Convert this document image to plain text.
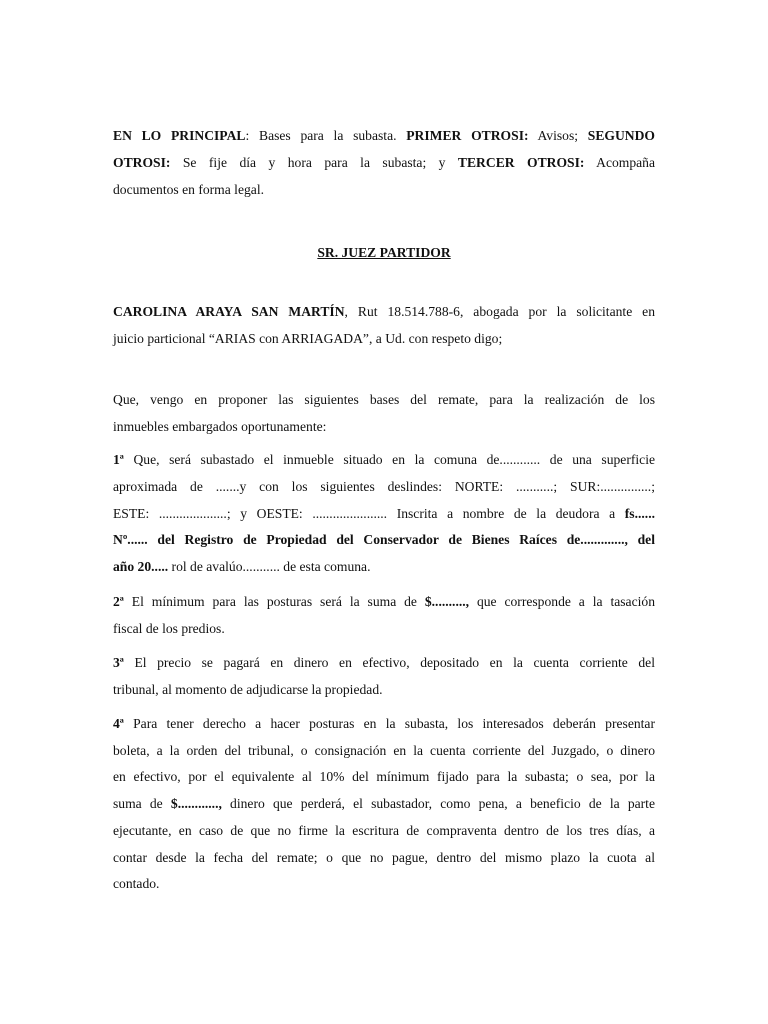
EN LO PRINCIPAL: Bases para la subasta. PRIMER OTROSI: Avisos; SEGUNDO
OTROSI: Se fije día y hora para la subasta; y TERCER OTROSI: Acompaña
documentos en forma legal.
SR. JUEZ PARTIDOR
CAROLINA ARAYA SAN MARTÍN, Rut 18.514.788-6, abogada por la solicitante en
juicio particional “ARIAS con ARRIAGADA”, a Ud. con respeto digo;
Que, vengo en proponer las siguientes bases del remate, para la realización de los
inmuebles embargados oportunamente:
1ª Que, será subastado el inmueble situado en la comuna de............ de una superficie
aproximada de .......y con los siguientes deslindes: NORTE: ...........; SUR:...............;
ESTE: ....................; y OESTE: ...................... Inscrita a nombre de la deudora a fs......
Nº...... del Registro de Propiedad del Conservador de Bienes Raíces de............., del
año 20..... rol de avalúo........... de esta comuna.
2ª El mínimum para las posturas será la suma de $.........., que corresponde a la tasación
fiscal de los predios.
3ª El precio se pagará en dinero en efectivo, depositado en la cuenta corriente del
tribunal, al momento de adjudicarse la propiedad.
4ª Para tener derecho a hacer posturas en la subasta, los interesados deberán presentar
boleta, a la orden del tribunal, o consignación en la cuenta corriente del Juzgado, o dinero
en efectivo, por el equivalente al 10% del mínimum fijado para la subasta; o sea, por la
suma de $............, dinero que perderá, el subastador, como pena, a beneficio de la parte
ejecutante, en caso de que no firme la escritura de compraventa dentro de los tres días, a
contar desde la fecha del remate; o que no pague, dentro del mismo plazo la cuota al
contado.
